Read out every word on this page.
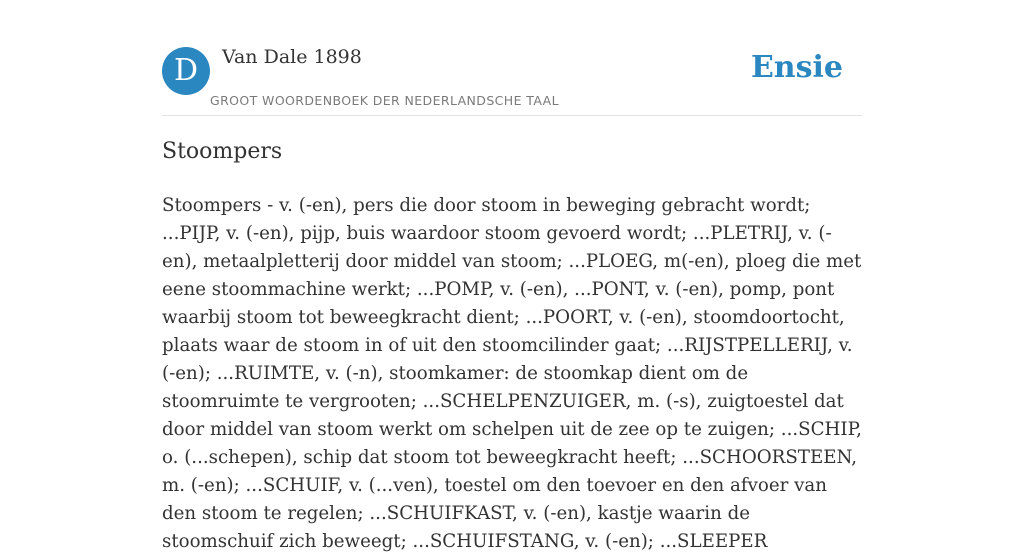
D	Van Dale 1898
GROOT WOORDENBOEK DER NEDERLANDSCHE TAAL
Ensie
Stoompers

Stoompers - v. (-en), pers die door stoom in beweging gebracht wordt; ...PIJP, v. (-en), pijp, buis waardoor stoom gevoerd wordt; ...PLETRIJ, v. (-en), metaalpletterij door middel van stoom; ...PLOEG, m(-en), ploeg die met eene stoommachine werkt; ...POMP, v. (-en), ...PONT, v. (-en), pomp, pont waarbij stoom tot beweegkracht dient; ...POORT, v. (-en), stoomdoortocht, plaats waar de stoom in of uit den stoomcilinder gaat; ...RIJSTPELLERIJ, v. (-en); ...RUIMTE, v. (-n), stoomkamer: de stoomkap dient om de stoomruimte te vergrooten; ...SCHELPENZUIGER, m. (-s), zuigtoestel dat door middel van stoom werkt om schelpen uit de zee op te zuigen; ...SCHIP, o. (...schepen), schip dat stoom tot beweegkracht heeft; ...SCHOORSTEEN, m. (-en); ...SCHUIF, v. (...ven), toestel om den toevoer en den afvoer van den stoom te regelen; ...SCHUIFKAST, v. (-en), kastje waarin de stoomschuif zich beweegt; ...SCHUIFSTANG, v. (-en); ...SLEEPER
